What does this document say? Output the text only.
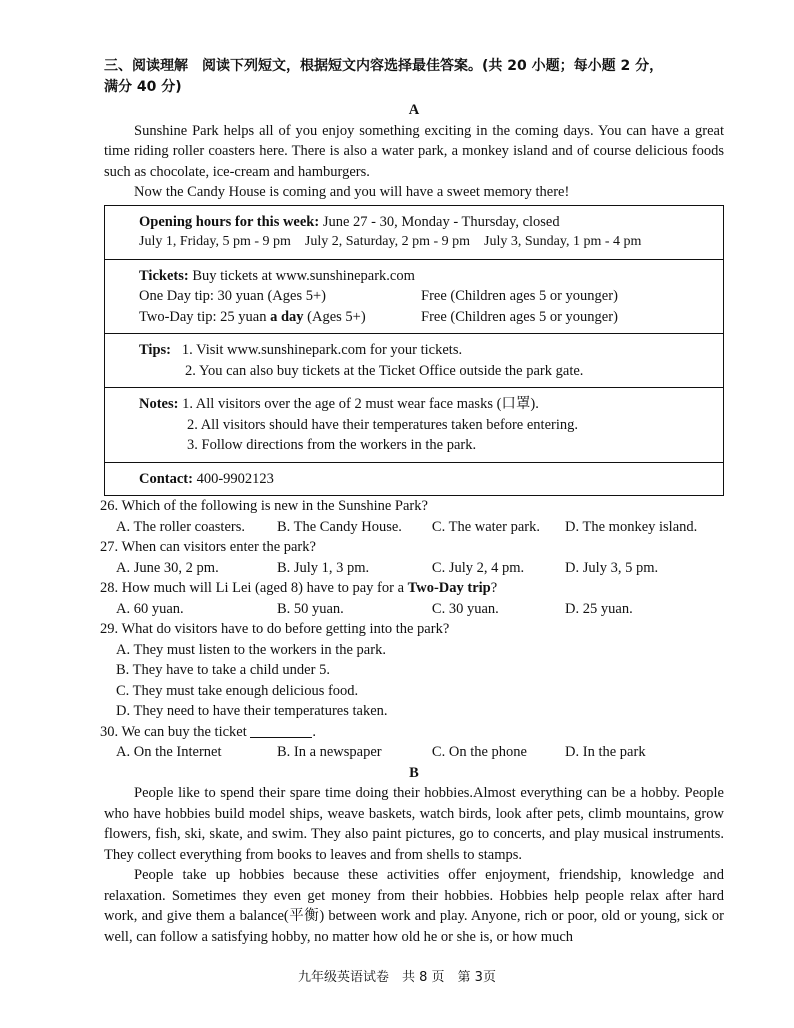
三、阅读理解　阅读下列短文，根据短文内容选择最佳答案。(共 20 小题；每小题 2 分，
满分 40 分)
A

Sunshine Park helps all of you enjoy something exciting in the coming days. You can have a great time riding roller coasters here. There is also a water park, a monkey island and of course delicious foods such as chocolate, ice-cream and hamburgers.

Now the Candy House is coming and you will have a sweet memory there!

Opening hours for this week: June 27 - 30, Monday - Thursday, closed
July 1, Friday, 5 pm - 9 pm　July 2, Saturday, 2 pm - 9 pm　July 3, Sunday, 1 pm - 4 pm
Tickets: Buy tickets at www.sunshinepark.com
One Day tip: 30 yuan (Ages 5+)	Free (Children ages 5 or younger)
Two-Day tip: 25 yuan a day (Ages 5+)	Free (Children ages 5 or younger)
Tips: 1. Visit www.sunshinepark.com for your tickets.
2. You can also buy tickets at the Ticket Office outside the park gate.
Notes: 1. All visitors over the age of 2 must wear face masks (口罩).
2. All visitors should have their temperatures taken before entering.
3. Follow directions from the workers in the park.
Contact: 400-9902123

26. Which of the following is new in the Sunshine Park?

A. The roller coasters.	B. The Candy House.	C. The water park.	D. The monkey island.

27. When can visitors enter the park?

A. June 30, 2 pm.	B. July 1, 3 pm.	C. July 2, 4 pm.	D. July 3, 5 pm.

28. How much will Li Lei (aged 8) have to pay for a Two-Day trip?

A. 60 yuan.	B. 50 yuan.	C. 30 yuan.	D. 25 yuan.

29. What do visitors have to do before getting into the park?

A. They must listen to the workers in the park.

B. They have to take a child under 5.

C. They must take enough delicious food.

D. They need to have their temperatures taken.

30. We can buy the ticket	.

A. On the Internet	B. In a newspaper	C. On the phone	D. In the park
B

People like to spend their spare time doing their hobbies.Almost everything can be a hobby. People who have hobbies build model ships, weave baskets, watch birds, look after pets, climb mountains, grow flowers, fish, ski, skate, and swim. They also paint pictures, go to concerts, and play musical instruments. They collect everything from books to leaves and from shells to stamps.

People take up hobbies because these activities offer enjoyment, friendship, knowledge and relaxation. Sometimes they even get money from their hobbies. Hobbies help people relax after hard work, and give them a balance(平衡) between work and play. Anyone, rich or poor, old or young, sick or well, can follow a satisfying hobby, no matter how old he or she is, or how much

九年级英语试卷　共 8 页　第 3页
